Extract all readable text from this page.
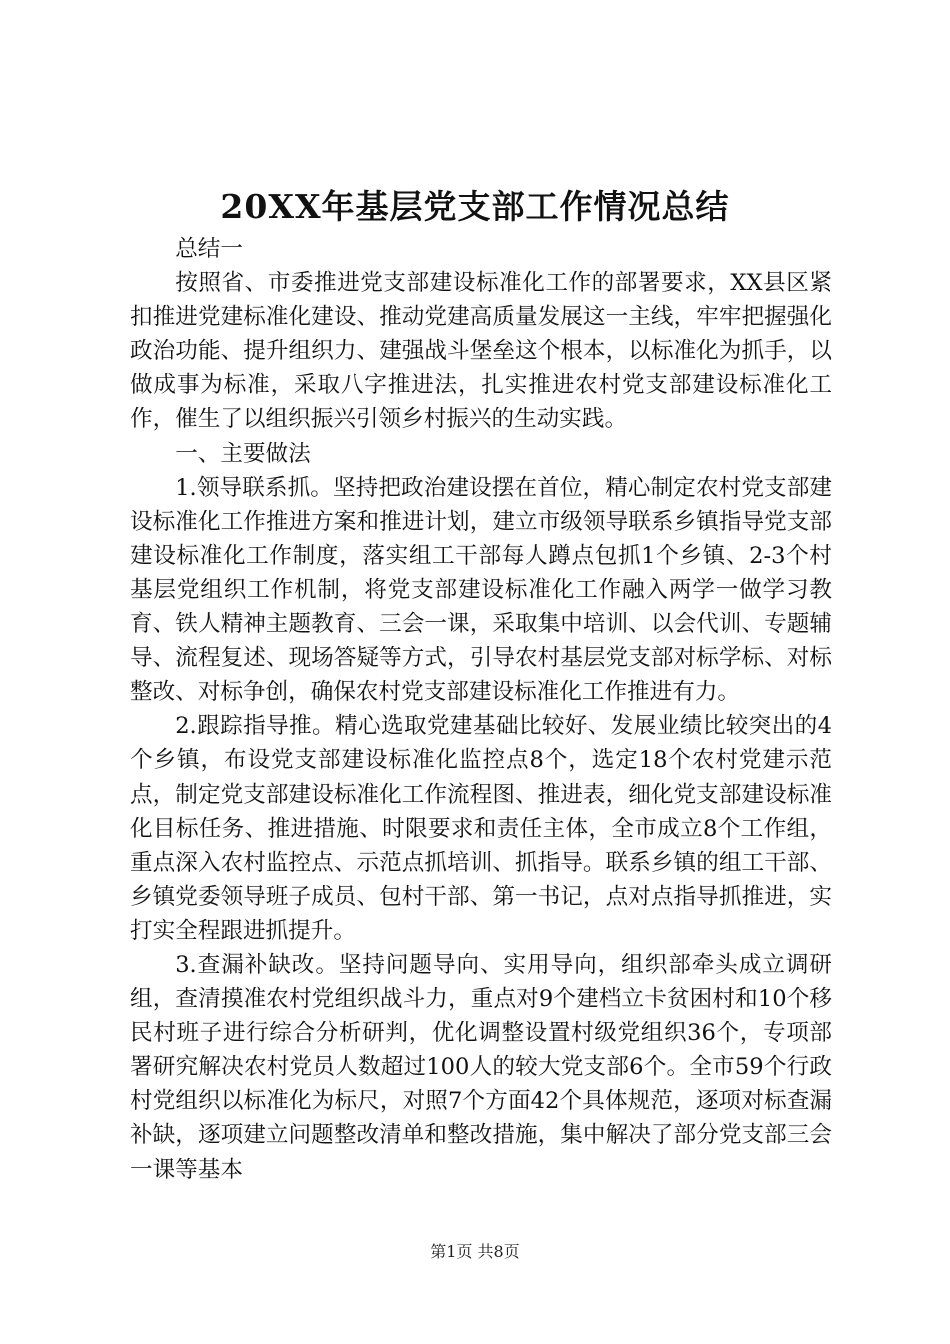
20XX年基层党支部工作情况总结

总结一

按照省、市委推进党支部建设标准化工作的部署要求，XX县区紧扣推进党建标准化建设、推动党建高质量发展这一主线，牢牢把握强化政治功能、提升组织力、建强战斗堡垒这个根本，以标准化为抓手，以做成事为标准，采取八字推进法，扎实推进农村党支部建设标准化工作，催生了以组织振兴引领乡村振兴的生动实践。

一、主要做法

1.领导联系抓。坚持把政治建设摆在首位，精心制定农村党支部建设标准化工作推进方案和推进计划，建立市级领导联系乡镇指导党支部建设标准化工作制度，落实组工干部每人蹲点包抓1个乡镇、2-3个村基层党组织工作机制，将党支部建设标准化工作融入两学一做学习教育、铁人精神主题教育、三会一课，采取集中培训、以会代训、专题辅导、流程复述、现场答疑等方式，引导农村基层党支部对标学标、对标整改、对标争创，确保农村党支部建设标准化工作推进有力。

2.跟踪指导推。精心选取党建基础比较好、发展业绩比较突出的4个乡镇，布设党支部建设标准化监控点8个，选定18个农村党建示范点，制定党支部建设标准化工作流程图、推进表，细化党支部建设标准化目标任务、推进措施、时限要求和责任主体，全市成立8个工作组，重点深入农村监控点、示范点抓培训、抓指导。联系乡镇的组工干部、乡镇党委领导班子成员、包村干部、第一书记，点对点指导抓推进，实打实全程跟进抓提升。

3.查漏补缺改。坚持问题导向、实用导向，组织部牵头成立调研组，查清摸准农村党组织战斗力，重点对9个建档立卡贫困村和10个移民村班子进行综合分析研判，优化调整设置村级党组织36个，专项部署研究解决农村党员人数超过100人的较大党支部6个。全市59个行政村党组织以标准化为标尺，对照7个方面42个具体规范，逐项对标查漏补缺，逐项建立问题整改清单和整改措施，集中解决了部分党支部三会一课等基本

第1页 共8页
